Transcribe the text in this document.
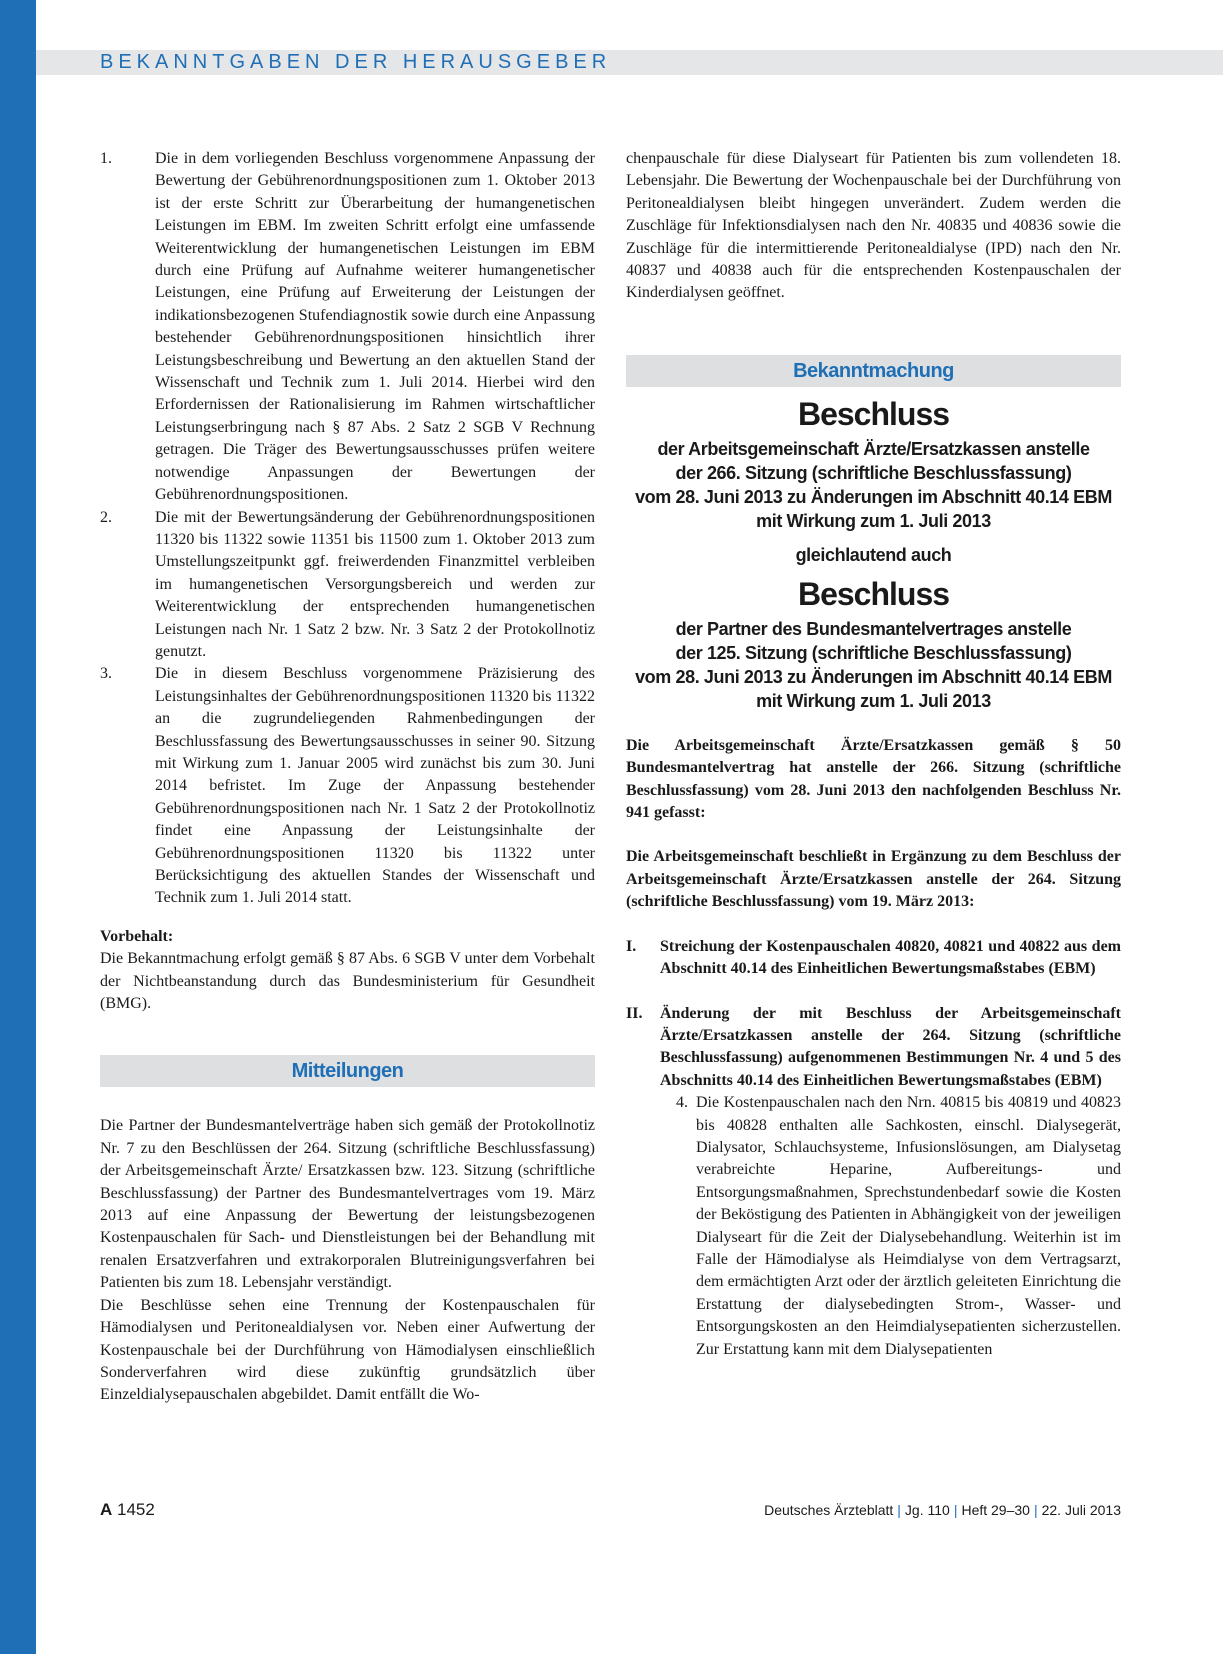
BEKANNTGABEN DER HERAUSGEBER
1.	Die in dem vorliegenden Beschluss vorgenommene Anpassung der Bewertung der Gebührenordnungspositionen zum 1. Oktober 2013 ist der erste Schritt zur Überarbeitung der humangenetischen Leistungen im EBM. Im zweiten Schritt erfolgt eine umfassende Weiterentwicklung der humangenetischen Leistungen im EBM durch eine Prüfung auf Aufnahme weiterer humangenetischer Leistungen, eine Prüfung auf Erweiterung der Leistungen der indikationsbezogenen Stufendiagnostik sowie durch eine Anpassung bestehender Gebührenordnungspositionen hinsichtlich ihrer Leistungsbeschreibung und Bewertung an den aktuellen Stand der Wissenschaft und Technik zum 1. Juli 2014. Hierbei wird den Erfordernissen der Rationalisierung im Rahmen wirtschaftlicher Leistungserbringung nach § 87 Abs. 2 Satz 2 SGB V Rechnung getragen. Die Träger des Bewertungsausschusses prüfen weitere notwendige Anpassungen der Bewertungen der Gebührenordnungspositionen.
2.	Die mit der Bewertungsänderung der Gebührenordnungspositionen 11320 bis 11322 sowie 11351 bis 11500 zum 1. Oktober 2013 zum Umstellungszeitpunkt ggf. freiwerdenden Finanzmittel verbleiben im humangenetischen Versorgungsbereich und werden zur Weiterentwicklung der entsprechenden humangenetischen Leistungen nach Nr. 1 Satz 2 bzw. Nr. 3 Satz 2 der Protokollnotiz genutzt.
3.	Die in diesem Beschluss vorgenommene Präzisierung des Leistungsinhaltes der Gebührenordnungspositionen 11320 bis 11322 an die zugrundeliegenden Rahmenbedingungen der Beschlussfassung des Bewertungsausschusses in seiner 90. Sitzung mit Wirkung zum 1. Januar 2005 wird zunächst bis zum 30. Juni 2014 befristet. Im Zuge der Anpassung bestehender Gebührenordnungspositionen nach Nr. 1 Satz 2 der Protokollnotiz findet eine Anpassung der Leistungsinhalte der Gebührenordnungspositionen 11320 bis 11322 unter Berücksichtigung des aktuellen Standes der Wissenschaft und Technik zum 1. Juli 2014 statt.

Vorbehalt:

Die Bekanntmachung erfolgt gemäß § 87 Abs. 6 SGB V unter dem Vorbehalt der Nichtbeanstandung durch das Bundesministerium für Gesundheit (BMG).

Mitteilungen

Die Partner der Bundesmantelverträge haben sich gemäß der Protokollnotiz Nr. 7 zu den Beschlüssen der 264. Sitzung (schriftliche Beschlussfassung) der Arbeitsgemeinschaft Ärzte/ Ersatzkassen bzw. 123. Sitzung (schriftliche Beschlussfassung) der Partner des Bundesmantelvertrages vom 19. März 2013 auf eine Anpassung der Bewertung der leistungsbezogenen Kostenpauschalen für Sach- und Dienstleistungen bei der Behandlung mit renalen Ersatzverfahren und extrakorporalen Blutreinigungsverfahren bei Patienten bis zum 18. Lebensjahr verständigt.

Die Beschlüsse sehen eine Trennung der Kostenpauschalen für Hämodialysen und Peritonealdialysen vor. Neben einer Aufwertung der Kostenpauschale bei der Durchführung von Hämodialysen einschließlich Sonderverfahren wird diese zukünftig grundsätzlich über Einzeldialysepauschalen abgebildet. Damit entfällt die Wo-

chenpauschale für diese Dialyseart für Patienten bis zum vollendeten 18. Lebensjahr. Die Bewertung der Wochenpauschale bei der Durchführung von Peritonealdialysen bleibt hingegen unverändert. Zudem werden die Zuschläge für Infektionsdialysen nach den Nr. 40835 und 40836 sowie die Zuschläge für die intermittierende Peritonealdialyse (IPD) nach den Nr. 40837 und 40838 auch für die entsprechenden Kostenpauschalen der Kinderdialysen geöffnet.

Bekanntmachung
Beschluss
der Arbeitsgemeinschaft Ärzte/Ersatzkassen anstelle
der 266. Sitzung (schriftliche Beschlussfassung)
vom 28. Juni 2013 zu Änderungen im Abschnitt 40.14 EBM
mit Wirkung zum 1. Juli 2013
gleichlautend auch
Beschluss
der Partner des Bundesmantelvertrages anstelle
der 125. Sitzung (schriftliche Beschlussfassung)
vom 28. Juni 2013 zu Änderungen im Abschnitt 40.14 EBM
mit Wirkung zum 1. Juli 2013

Die Arbeitsgemeinschaft Ärzte/Ersatzkassen gemäß § 50 Bundesmantelvertrag hat anstelle der 266. Sitzung (schriftliche Beschlussfassung) vom 28. Juni 2013 den nachfolgenden Beschluss Nr. 941 gefasst:

Die Arbeitsgemeinschaft beschließt in Ergänzung zu dem Beschluss der Arbeitsgemeinschaft Ärzte/Ersatzkassen anstelle der 264. Sitzung (schriftliche Beschlussfassung) vom 19. März 2013:

I.	Streichung der Kostenpauschalen 40820, 40821 und 40822 aus dem Abschnitt 40.14 des Einheitlichen Bewertungsmaßstabes (EBM)
II.	Änderung der mit Beschluss der Arbeitsgemeinschaft Ärzte/Ersatzkassen anstelle der 264. Sitzung (schriftliche Beschlussfassung) aufgenommenen Bestimmungen Nr. 4 und 5 des Abschnitts 40.14 des Einheitlichen Bewertungsmaßstabes (EBM)
4. Die Kostenpauschalen nach den Nrn. 40815 bis 40819 und 40823 bis 40828 enthalten alle Sachkosten, einschl. Dialysegerät, Dialysator, Schlauchsysteme, Infusionslösungen, am Dialysetag verabreichte Heparine, Aufbereitungs- und Entsorgungsmaßnahmen, Sprechstundenbedarf sowie die Kosten der Beköstigung des Patienten in Abhängigkeit von der jeweiligen Dialyseart für die Zeit der Dialysebehandlung. Weiterhin ist im Falle der Hämodialyse als Heimdialyse von dem Vertragsarzt, dem ermächtigten Arzt oder der ärztlich geleiteten Einrichtung die Erstattung der dialysebedingten Strom-, Wasser- und Entsorgungskosten an den Heimdialysepatienten sicherzustellen. Zur Erstattung kann mit dem Dialysepatienten
A 1452	Deutsches Ärzteblatt | Jg. 110 | Heft 29–30 | 22. Juli 2013
